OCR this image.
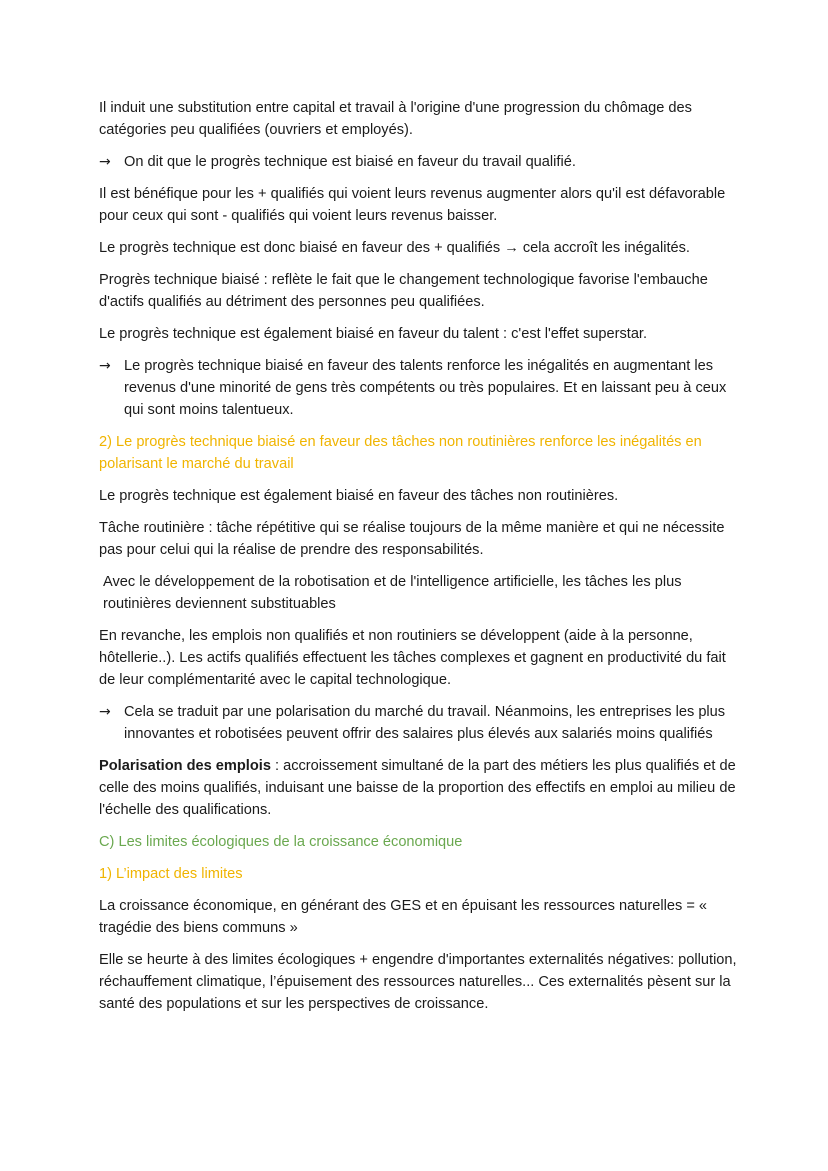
Il induit une substitution entre capital et travail à l'origine d'une progression du chômage des catégories peu qualifiées (ouvriers et employés).

→ On dit que le progrès technique est biaisé en faveur du travail qualifié.

Il est bénéfique pour les + qualifiés qui voient leurs revenus augmenter alors qu'il est défavorable pour ceux qui sont - qualifiés qui voient leurs revenus baisser.

Le progrès technique est donc biaisé en faveur des + qualifiés → cela accroît les inégalités.

Progrès technique biaisé : reflète le fait que le changement technologique favorise l'embauche d'actifs qualifiés au détriment des personnes peu qualifiées.

Le progrès technique est également biaisé en faveur du talent : c'est l'effet superstar.

→ Le progrès technique biaisé en faveur des talents renforce les inégalités en augmentant les revenus d'une minorité de gens très compétents ou très populaires. Et en laissant peu à ceux qui sont moins talentueux.

2) Le progrès technique biaisé en faveur des tâches non routinières renforce les inégalités en polarisant le marché du travail

Le progrès technique est également biaisé en faveur des tâches non routinières.

Tâche routinière : tâche répétitive qui se réalise toujours de la même manière et qui ne nécessite pas pour celui qui la réalise de prendre des responsabilités.

Avec le développement de la robotisation et de l'intelligence artificielle, les tâches les plus routinières deviennent substituables

En revanche, les emplois non qualifiés et non routiniers se développent (aide à la personne, hôtellerie..). Les actifs qualifiés effectuent les tâches complexes et gagnent en productivité du fait de leur complémentarité avec le capital technologique.

→ Cela se traduit par une polarisation du marché du travail. Néanmoins, les entreprises les plus innovantes et robotisées peuvent offrir des salaires plus élevés aux salariés moins qualifiés

Polarisation des emplois : accroissement simultané de la part des métiers les plus qualifiés et de celle des moins qualifiés, induisant une baisse de la proportion des effectifs en emploi au milieu de l'échelle des qualifications.

C) Les limites écologiques de la croissance économique

1) L’impact des limites

La croissance économique, en générant des GES et en épuisant les ressources naturelles = « tragédie des biens communs »

Elle se heurte à des limites écologiques + engendre d'importantes externalités négatives: pollution, réchauffement climatique, l’épuisement des ressources naturelles... Ces externalités pèsent sur la santé des populations et sur les perspectives de croissance.
